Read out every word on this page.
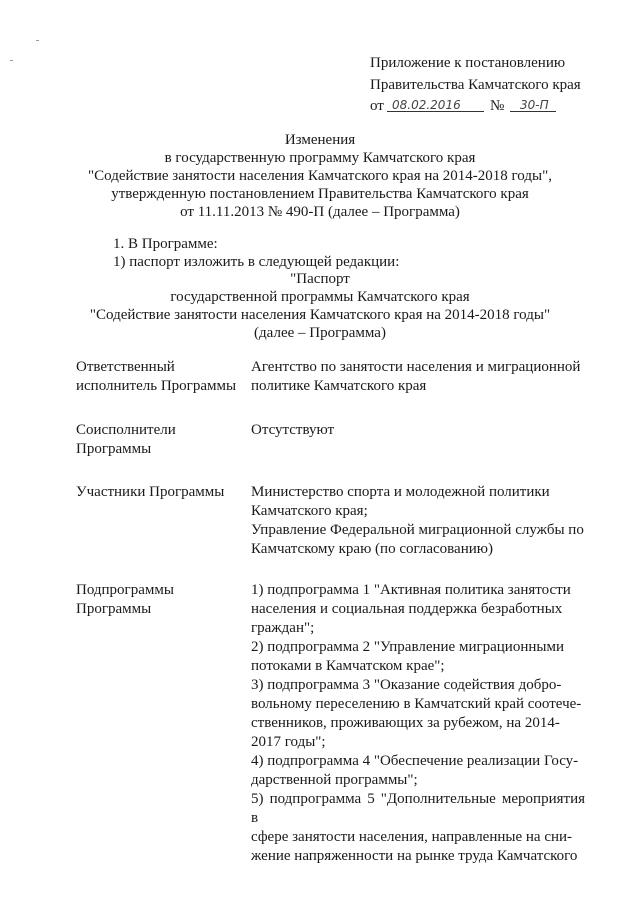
Приложение к постановлению
Правительства Камчатского края
от 08.02.2016 № 30-П
Изменения
в государственную программу Камчатского края
"Содействие занятости населения Камчатского края на 2014-2018 годы",
утвержденную постановлением Правительства Камчатского края
от 11.11.2013 № 490-П (далее – Программа)
1. В Программе:
1) паспорт изложить в следующей редакции:
"Паспорт
государственной программы Камчатского края
"Содействие занятости населения Камчатского края на 2014-2018 годы"
(далее – Программа)
Ответственный
исполнитель Программы
Агентство по занятости населения и миграционной
политике Камчатского края
Соисполнители
Программы
Отсутствуют
Участники Программы	Министерство спорта и молодежной политики
Камчатского края;
Управление Федеральной миграционной службы по
Камчатскому краю (по согласованию)
Подпрограммы
Программы
1) подпрограмма 1 "Активная политика занятости
населения и социальная поддержка безработных
граждан";
2) подпрограмма 2 "Управление миграционными
потоками в Камчатском крае";
3) подпрограмма 3 "Оказание содействия добро-
вольному переселению в Камчатский край соотече-
ственников, проживающих за рубежом, на 2014-
2017 годы";
4) подпрограмма 4 "Обеспечение реализации Госу-
дарственной программы";
5) подпрограмма 5 "Дополнительные мероприятия в
сфере занятости населения, направленные на сни-
жение напряженности на рынке труда Камчатского
